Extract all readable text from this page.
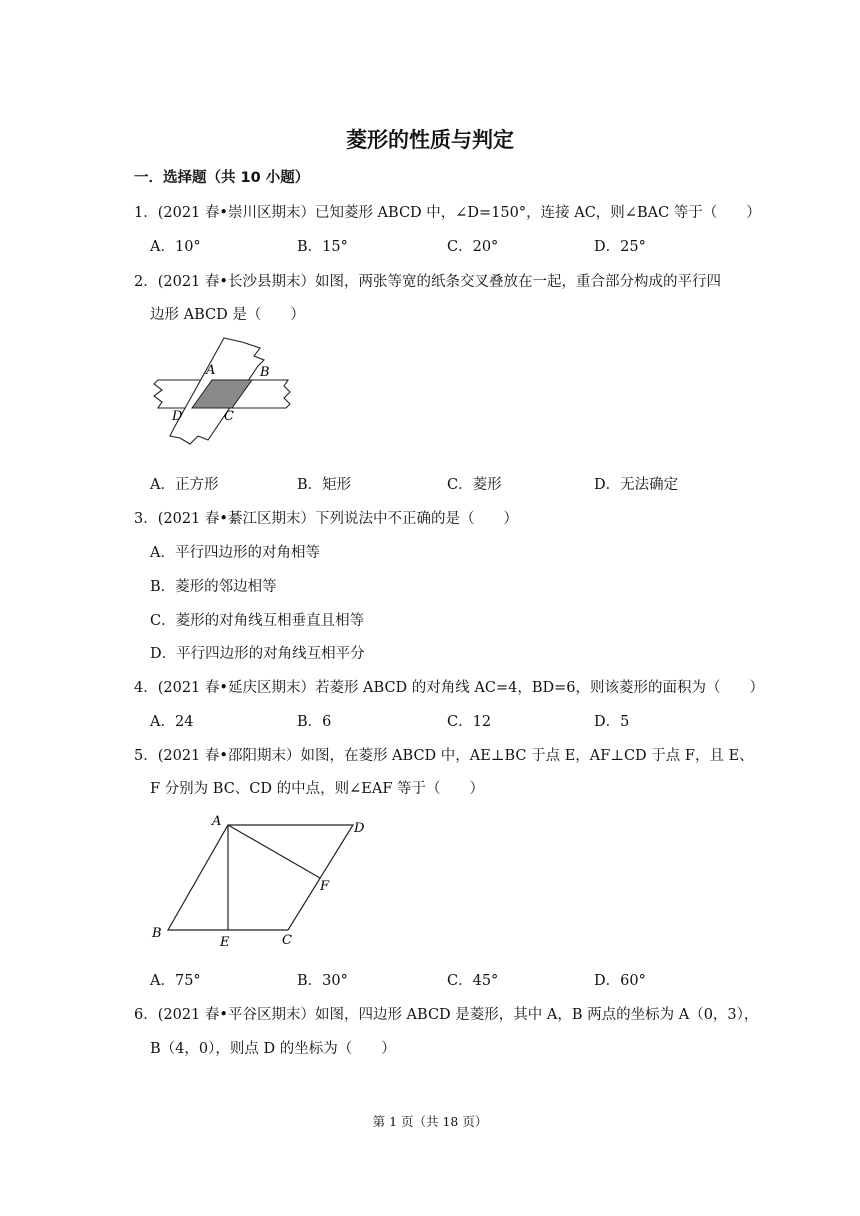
菱形的性质与判定
一．选择题（共 10 小题）
1．(2021 春•崇川区期末）已知菱形 ABCD 中，∠D=150°，连接 AC，则∠BAC 等于（　　）
A．10°	B．15°	C．20°	D．25°
2．(2021 春•长沙县期末）如图，两张等宽的纸条交叉叠放在一起，重合部分构成的平行四
边形 ABCD 是（　　）
A	B
C
D
A．正方形	B．矩形	C．菱形	D．无法确定
3．(2021 春•綦江区期末）下列说法中不正确的是（　　）
A．平行四边形的对角相等
B．菱形的邻边相等
C．菱形的对角线互相垂直且相等
D．平行四边形的对角线互相平分
4．(2021 春•延庆区期末）若菱形 ABCD 的对角线 AC=4，BD=6，则该菱形的面积为（　　）
A．24	B．6	C．12	D．5
5．(2021 春•邵阳期末）如图，在菱形 ABCD 中，AE⊥BC 于点 E，AF⊥CD 于点 F，且 E、
F 分别为 BC、CD 的中点，则∠EAF 等于（　　）
A	D
F
B
E	C
A．75°	B．30°	C．45°	D．60°
6．(2021 春•平谷区期末）如图，四边形 ABCD 是菱形，其中 A，B 两点的坐标为 A（0，3），
B（4，0），则点 D 的坐标为（　　）
第 1 页（共 18 页）
